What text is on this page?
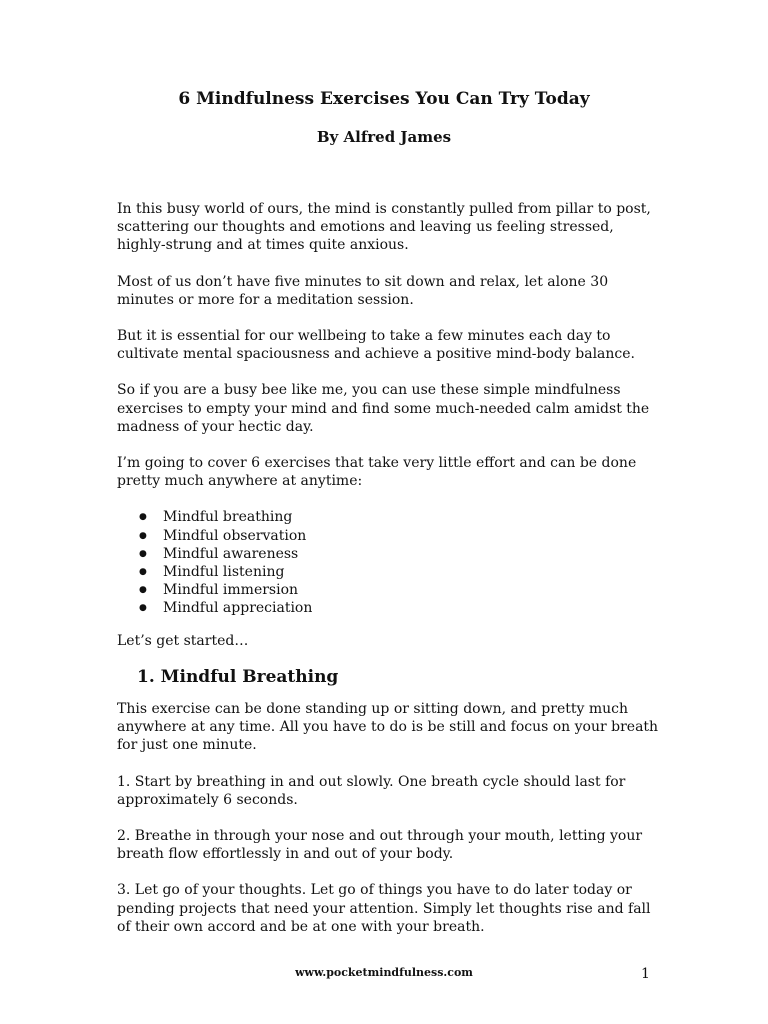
6 Mindfulness Exercises You Can Try Today
By Alfred James

In this busy world of ours, the mind is constantly pulled from pillar to post, scattering our thoughts and emotions and leaving us feeling stressed, highly-strung and at times quite anxious.

Most of us don’t have five minutes to sit down and relax, let alone 30 minutes or more for a meditation session.

But it is essential for our wellbeing to take a few minutes each day to cultivate mental spaciousness and achieve a positive mind-body balance.

So if you are a busy bee like me, you can use these simple mindfulness exercises to empty your mind and find some much-needed calm amidst the madness of your hectic day.

I’m going to cover 6 exercises that take very little effort and can be done pretty much anywhere at anytime:

● Mindful breathing
● Mindful observation
● Mindful awareness
● Mindful listening
● Mindful immersion
● Mindful appreciation

Let’s get started…

1. Mindful Breathing

This exercise can be done standing up or sitting down, and pretty much anywhere at any time. All you have to do is be still and focus on your breath for just one minute.

1. Start by breathing in and out slowly. One breath cycle should last for approximately 6 seconds.

2. Breathe in through your nose and out through your mouth, letting your breath flow effortlessly in and out of your body.

3. Let go of your thoughts. Let go of things you have to do later today or pending projects that need your attention. Simply let thoughts rise and fall of their own accord and be at one with your breath.

www.pocketmindfulness.com	1
